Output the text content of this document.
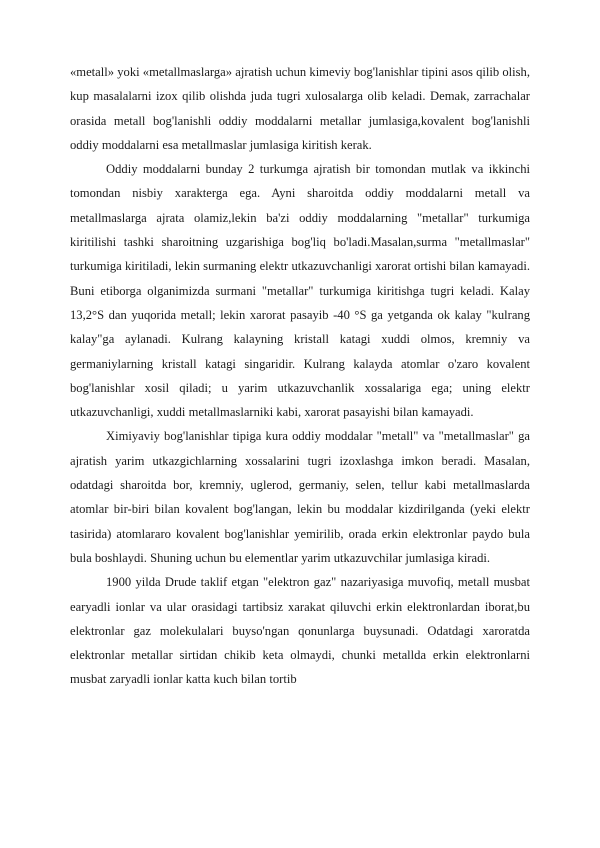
«metall» yoki «metallmaslarga» ajratish uchun kimeviy bog'lanishlar tipini asos qilib olish, kup masalalarni izox qilib olishda juda tugri xulosalarga olib keladi. Demak, zarrachalar orasida metall bog'lanishli oddiy moddalarni metallar jumlasiga,kovalent bog'lanishli oddiy moddalarni esa metallmaslar jumlasiga kiritish kerak.

Oddiy moddalarni bunday 2 turkumga ajratish bir tomondan mutlak va ikkinchi tomondan nisbiy xarakterga ega. Ayni sharoitda oddiy moddalarni metall va metallmaslarga ajrata olamiz,lekin ba'zi oddiy moddalarning "metallar" turkumiga kiritilishi tashki sharoitning uzgarishiga bog'liq bo'ladi.Masalan,surma "metallmaslar" turkumiga kiritiladi, lekin surmaning elektr utkazuvchanligi xarorat ortishi bilan kamayadi. Buni etiborga olganimizda surmani "metallar" turkumiga kiritishga tugri keladi. Kalay 13,2°S dan yuqorida metall; lekin xarorat pasayib -40 °S ga yetganda ok kalay "kulrang kalay"ga aylanadi. Kulrang kalayning kristall katagi xuddi olmos, kremniy va germaniylarning kristall katagi singaridir. Kulrang kalayda atomlar o'zaro kovalent bog'lanishlar xosil qiladi; u yarim utkazuvchanlik xossalariga ega; uning elektr utkazuvchanligi, xuddi metallmaslarniki kabi, xarorat pasayishi bilan kamayadi.

Ximiyaviy bog'lanishlar tipiga kura oddiy moddalar "metall" va "metallmaslar" ga ajratish yarim utkazgichlarning xossalarini tugri izoxlashga imkon beradi. Masalan, odatdagi sharoitda bor, kremniy, uglerod, germaniy, selen, tellur kabi metallmaslarda atomlar bir-biri bilan kovalent bog'langan, lekin bu moddalar kizdirilganda (yeki elektr tasirida) atomlararo kovalent bog'lanishlar yemirilib, orada erkin elektronlar paydo bula bula boshlaydi. Shuning uchun bu elementlar yarim utkazuvchilar jumlasiga kiradi.

1900 yilda Drude taklif etgan "elektron gaz" nazariyasiga muvofiq, metall musbat earyadli ionlar va ular orasidagi tartibsiz xarakat qiluvchi erkin elektronlardan iborat,bu elektronlar gaz molekulalari buyso'ngan qonunlarga buysunadi. Odatdagi xaroratda elektronlar metallar sirtidan chikib keta olmaydi, chunki metallda erkin elektronlarni musbat zaryadli ionlar katta kuch bilan tortib
